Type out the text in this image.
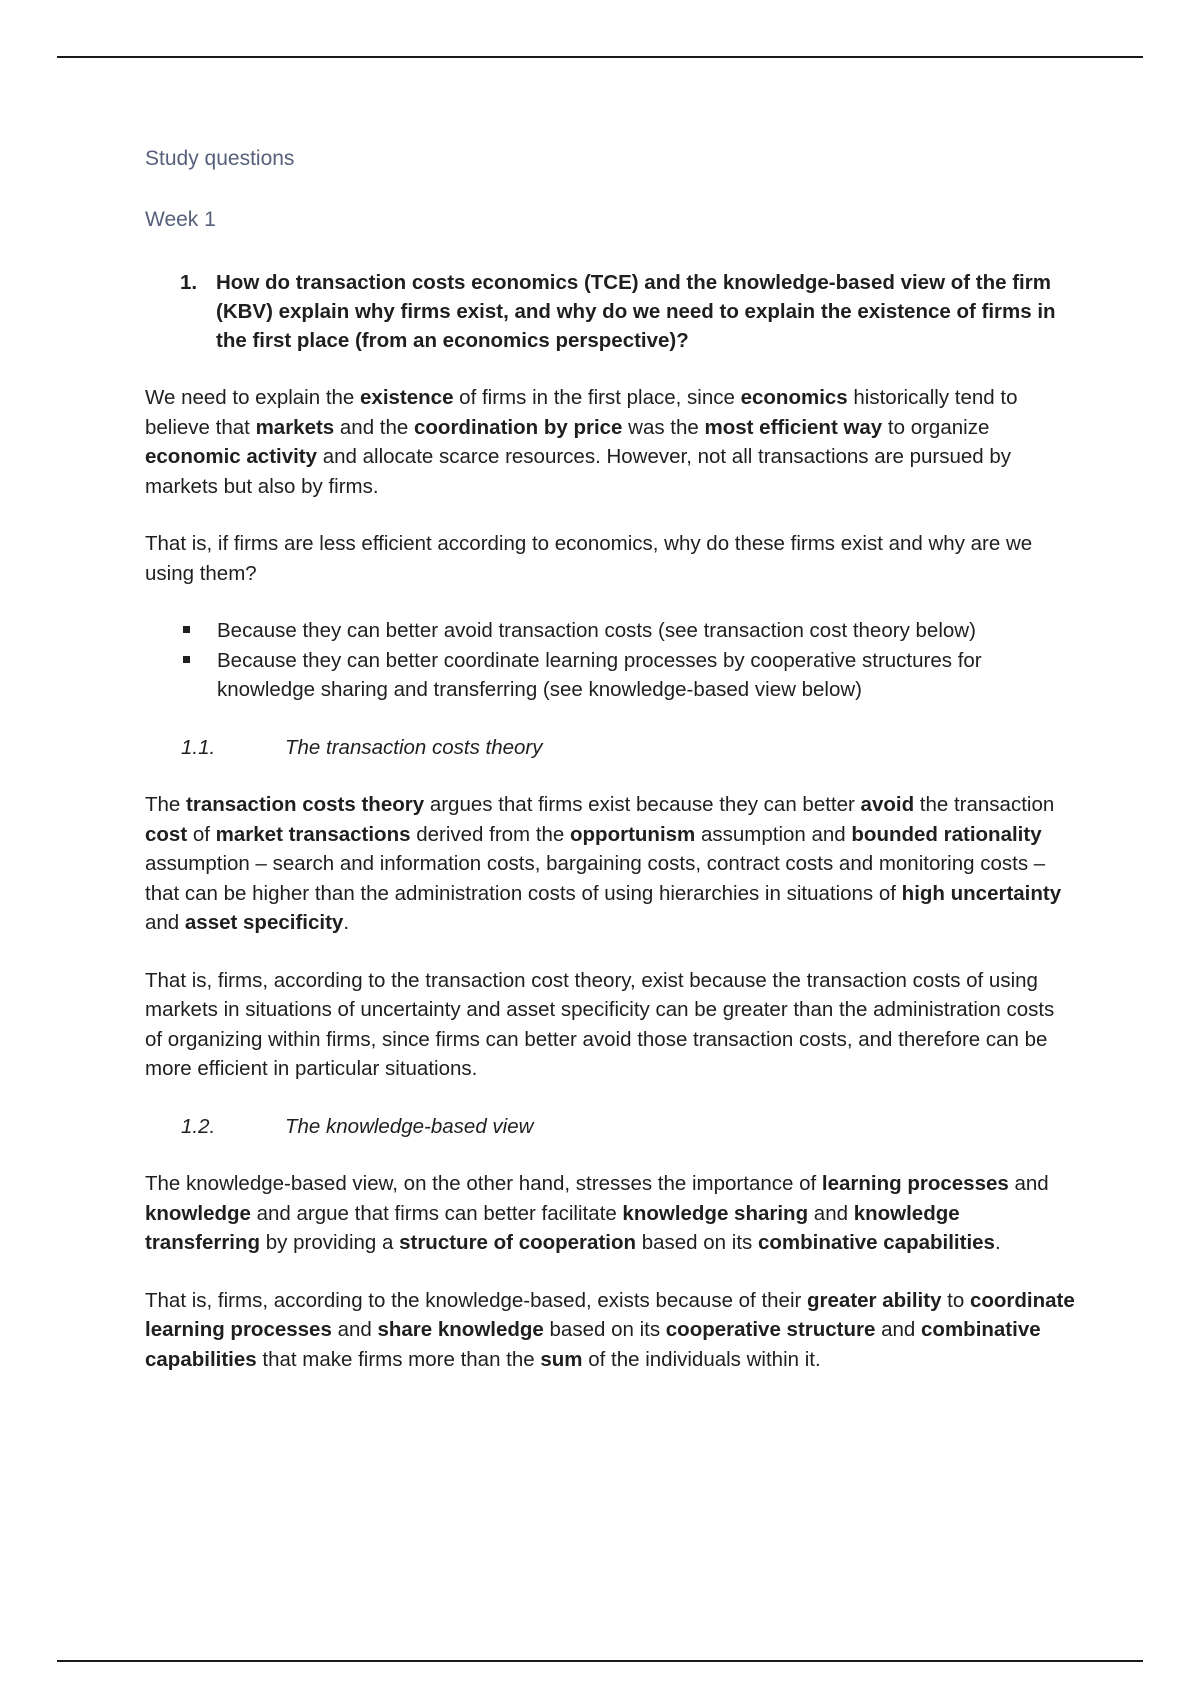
Study questions
Week 1
1. How do transaction costs economics (TCE) and the knowledge-based view of the firm (KBV) explain why firms exist, and why do we need to explain the existence of firms in the first place (from an economics perspective)?

We need to explain the existence of firms in the first place, since economics historically tend to believe that markets and the coordination by price was the most efficient way to organize economic activity and allocate scarce resources. However, not all transactions are pursued by markets but also by firms.

That is, if firms are less efficient according to economics, why do these firms exist and why are we using them?

Because they can better avoid transaction costs (see transaction cost theory below)
Because they can better coordinate learning processes by cooperative structures for knowledge sharing and transferring (see knowledge-based view below)
1.1.	The transaction costs theory

The transaction costs theory argues that firms exist because they can better avoid the transaction cost of market transactions derived from the opportunism assumption and bounded rationality assumption – search and information costs, bargaining costs, contract costs and monitoring costs – that can be higher than the administration costs of using hierarchies in situations of high uncertainty and asset specificity.

That is, firms, according to the transaction cost theory, exist because the transaction costs of using markets in situations of uncertainty and asset specificity can be greater than the administration costs of organizing within firms, since firms can better avoid those transaction costs, and therefore can be more efficient in particular situations.

1.2.	The knowledge-based view

The knowledge-based view, on the other hand, stresses the importance of learning processes and knowledge and argue that firms can better facilitate knowledge sharing and knowledge transferring by providing a structure of cooperation based on its combinative capabilities.

That is, firms, according to the knowledge-based, exists because of their greater ability to coordinate learning processes and share knowledge based on its cooperative structure and combinative capabilities that make firms more than the sum of the individuals within it.
